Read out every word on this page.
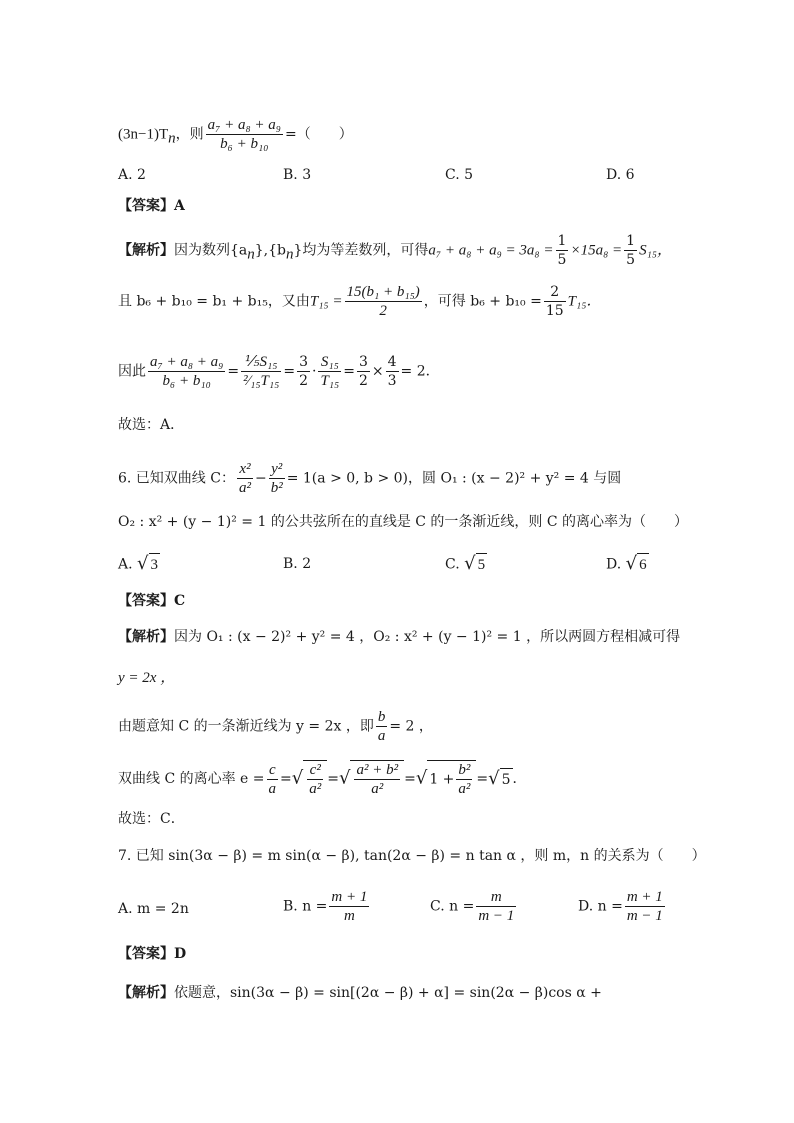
$(3n-1)T_n$，则 $\frac{\text{a₇ + a₈ + a₉}}{\text{b₆ + b₁₀}}$ =（　　）
A. 2	B. 3	C. 5	D. 6
【答案】A
【解析】因为数列$\{a_n\},\{b_n\}$均为等差数列，可得$a_7 + a_8 + a_9 = 3a_8 = \frac{1}{5} \times 15a_8 = \frac{1}{5} S_{15}$，
且 b₆ + b₁₀ = b₁ + b₁₅，又由$T_{15} = \frac{\text{15(b₁ + b₁₅)}}{2}$ ，可得 $b_6 + b_{10} = \frac{2}{15} T_{15}$．
因此 $\frac{\text{a₇ + a₈ + a₉}}{\text{b₆ + b₁₀}} = \frac{\text{⅕S₁₅}}{\text{²⁄₁₅T₁₅}} = \frac{3}{2} \cdot \frac{\text{S₁₅}}{\text{T₁₅}} = \frac{3}{2} \times \frac{4}{3} = 2$．
故选：A．
6. 已知双曲线 C： $\frac{\text{x²}}{\text{a²}} - \frac{\text{y²}}{\text{b²}} = 1(a > 0$, b > 0)，圆 O₁ : (x − 2)² + y² = 4 与圆
O₂ : x² + (y − 1)² = 1 的公共弦所在的直线是 C 的一条渐近线，则 C 的离心率为（　　）
A. √ 3	B. 2	C. √ 5	D. √ 6
【答案】C
【解析】因为 O₁ : (x − 2)² + y² = 4 ，O₂ : x² + (y − 1)² = 1 ，所以两圆方程相减可得
y = 2x ，
由题意知 C 的一条渐近线为 y = 2x ，即 $\frac{b}{a} = 2$ ，
双曲线 C 的离心率 $e = \frac{c}{a}$ =√ $\frac{\text{c²}}{\text{a²}}$ =√ $\frac{\text{a² + b²}}{\text{a²}}$ =√ $1 + \frac{\text{b²}}{\text{a²}}$ =√ 5 ．
故选：C．
7. 已知 sin(3α − β) = m sin(α − β), tan(2α − β) = n tan α ，则 m，n 的关系为（　　）
A. m = 2n	B. $n = \frac{m + 1}{m}$	C. $n = \frac{m}{m - 1}$	D. $n = \frac{m + 1}{m - 1}$
【答案】D
【解析】依题意，sin(3α − β) = sin[(2α − β) + α] = sin(2α − β)cos α +
